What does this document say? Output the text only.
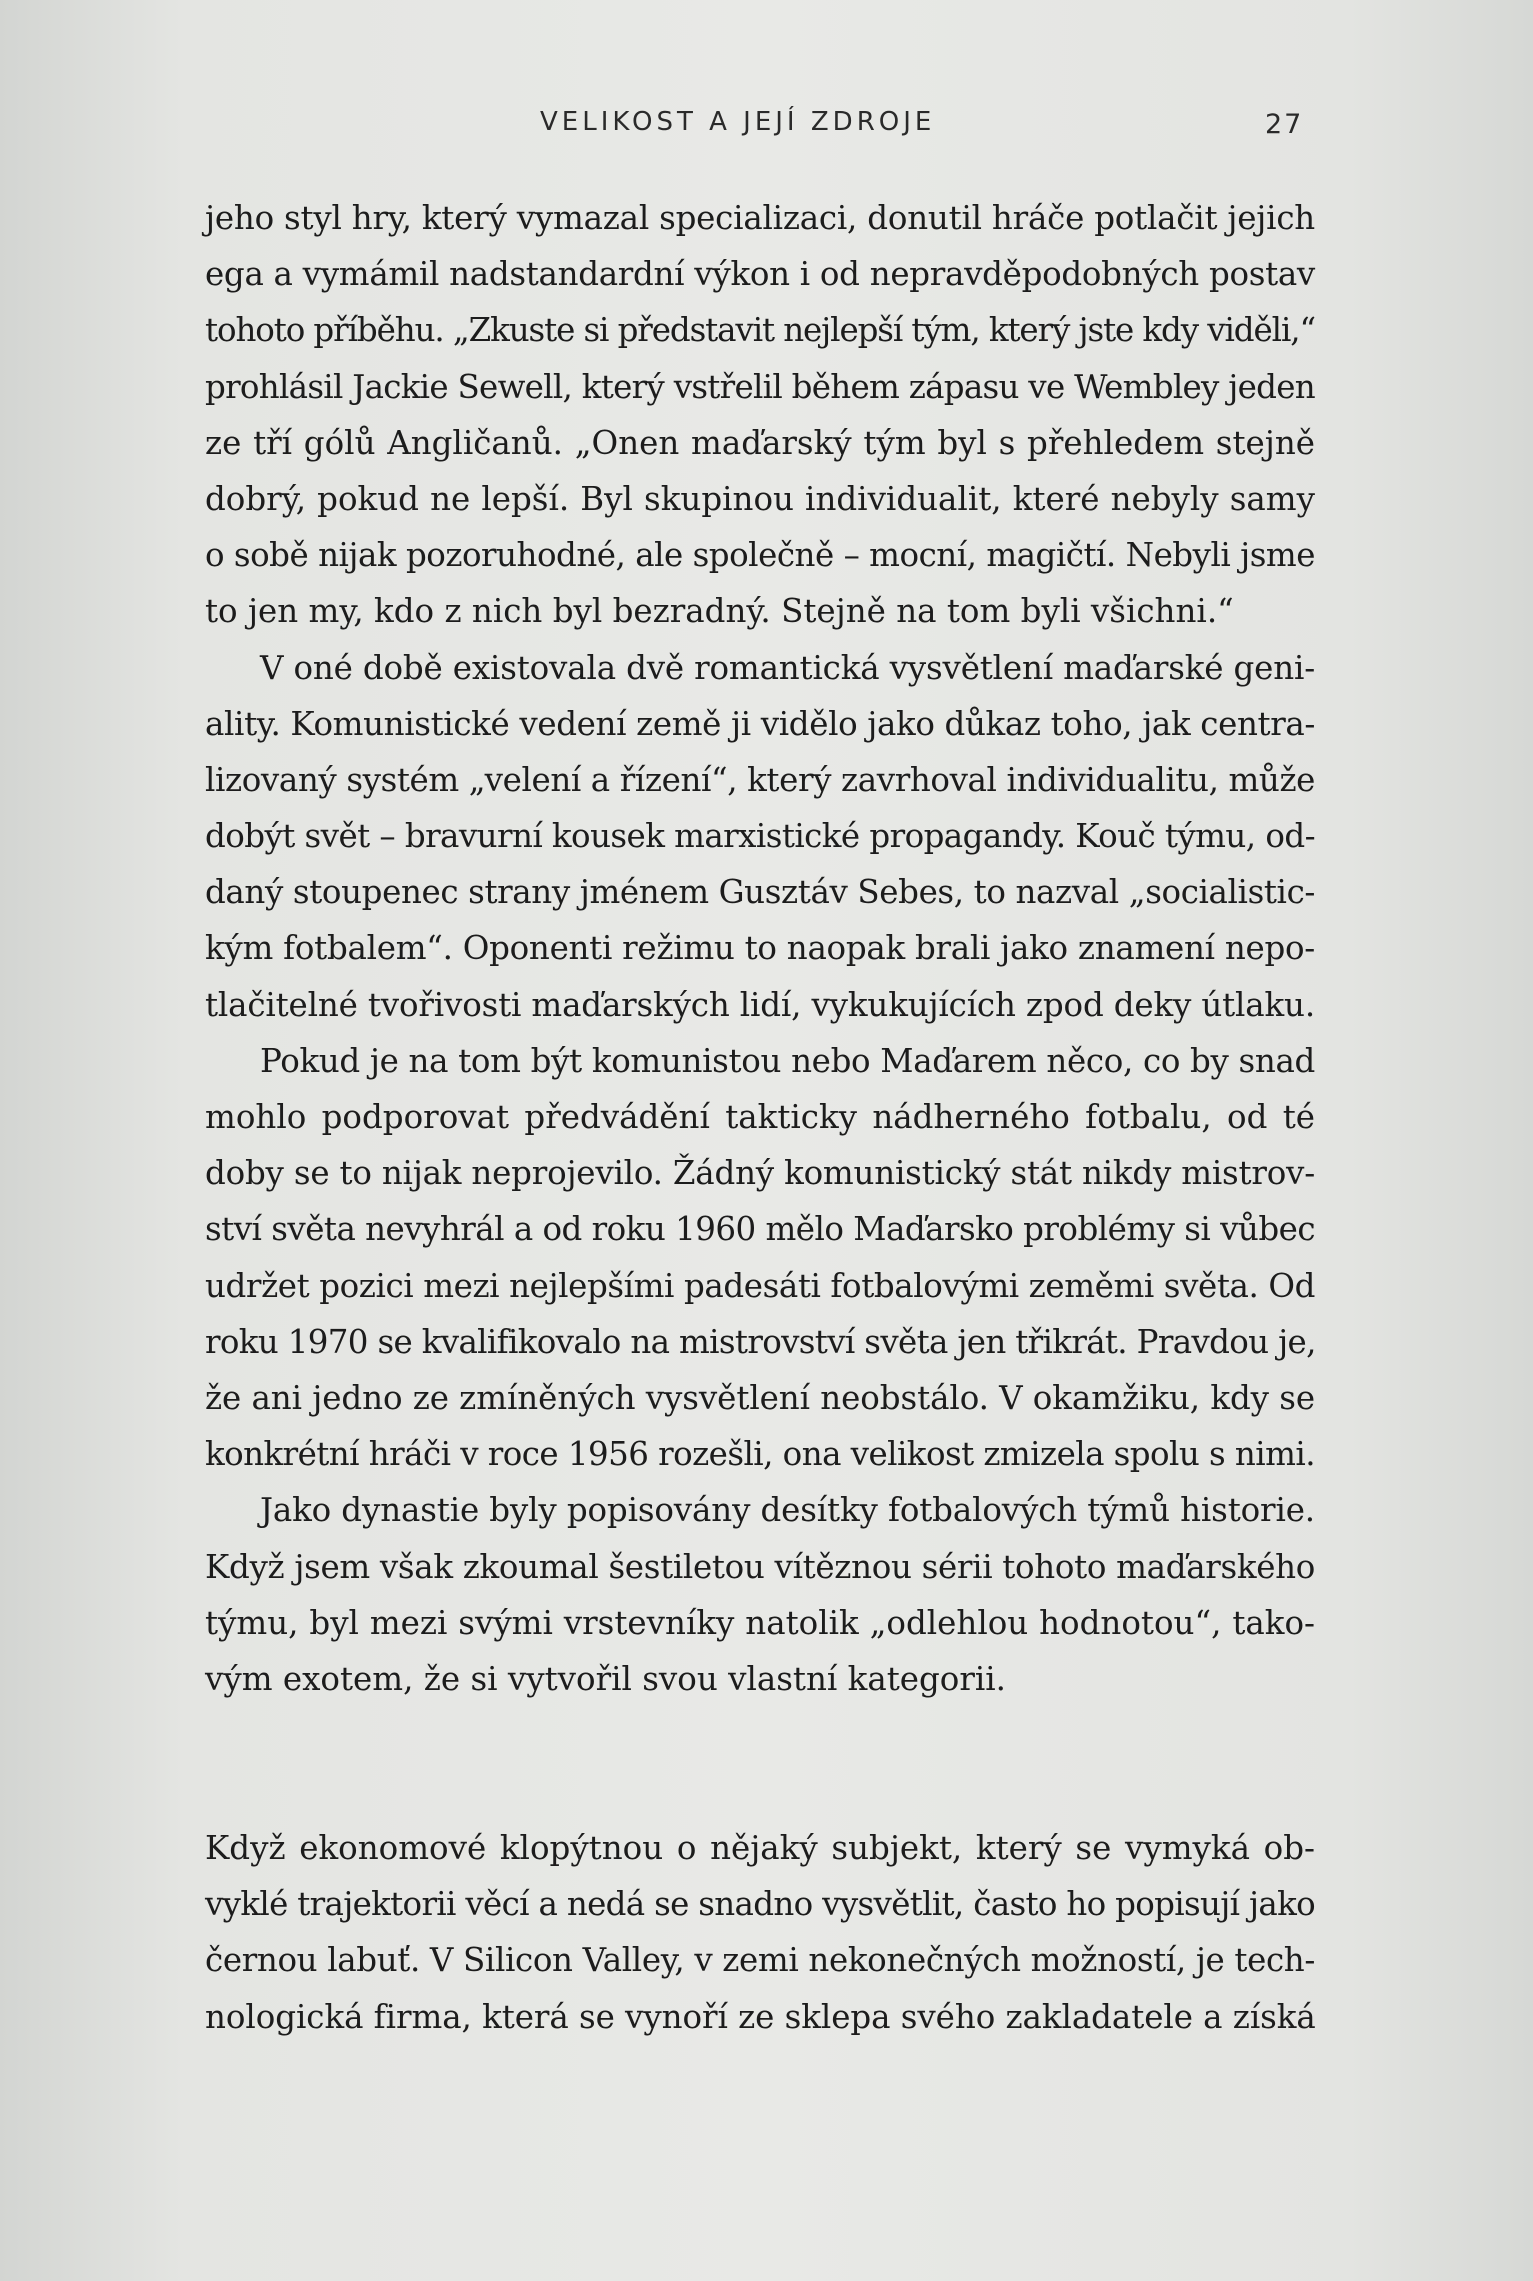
VELIKOST A JEJÍ ZDROJE	27
jeho styl hry, který vymazal specializaci, donutil hráče potlačit jejich
ega a vymámil nadstandardní výkon i od nepravděpodobných postav
tohoto příběhu. „Zkuste si představit nejlepší tým, který jste kdy viděli,“
prohlásil Jackie Sewell, který vstřelil během zápasu ve Wembley jeden
ze tří gólů Angličanů. „Onen maďarský tým byl s přehledem stejně
dobrý, pokud ne lepší. Byl skupinou individualit, které nebyly samy
o sobě nijak pozoruhodné, ale společně – mocní, magičtí. Nebyli jsme
to jen my, kdo z nich byl bezradný. Stejně na tom byli všichni.“
V oné době existovala dvě romantická vysvětlení maďarské geni-
ality. Komunistické vedení země ji vidělo jako důkaz toho, jak centra-
lizovaný systém „velení a řízení“, který zavrhoval individualitu, může
dobýt svět – bravurní kousek marxistické propagandy. Kouč týmu, od-
daný stoupenec strany jménem Gusztáv Sebes, to nazval „socialistic-
kým fotbalem“. Oponenti režimu to naopak brali jako znamení nepo-
tlačitelné tvořivosti maďarských lidí, vykukujících zpod deky útlaku.
Pokud je na tom být komunistou nebo Maďarem něco, co by snad
mohlo podporovat předvádění takticky nádherného fotbalu, od té
doby se to nijak neprojevilo. Žádný komunistický stát nikdy mistrov-
ství světa nevyhrál a od roku 1960 mělo Maďarsko problémy si vůbec
udržet pozici mezi nejlepšími padesáti fotbalovými zeměmi světa. Od
roku 1970 se kvalifikovalo na mistrovství světa jen třikrát. Pravdou je,
že ani jedno ze zmíněných vysvětlení neobstálo. V okamžiku, kdy se
konkrétní hráči v roce 1956 rozešli, ona velikost zmizela spolu s nimi.
Jako dynastie byly popisovány desítky fotbalových týmů historie.
Když jsem však zkoumal šestiletou vítěznou sérii tohoto maďarského
týmu, byl mezi svými vrstevníky natolik „odlehlou hodnotou“, tako-
vým exotem, že si vytvořil svou vlastní kategorii.
Když ekonomové klopýtnou o nějaký subjekt, který se vymyká ob-
vyklé trajektorii věcí a nedá se snadno vysvětlit, často ho popisují jako
černou labuť. V Silicon Valley, v zemi nekonečných možností, je tech-
nologická firma, která se vynoří ze sklepa svého zakladatele a získá
